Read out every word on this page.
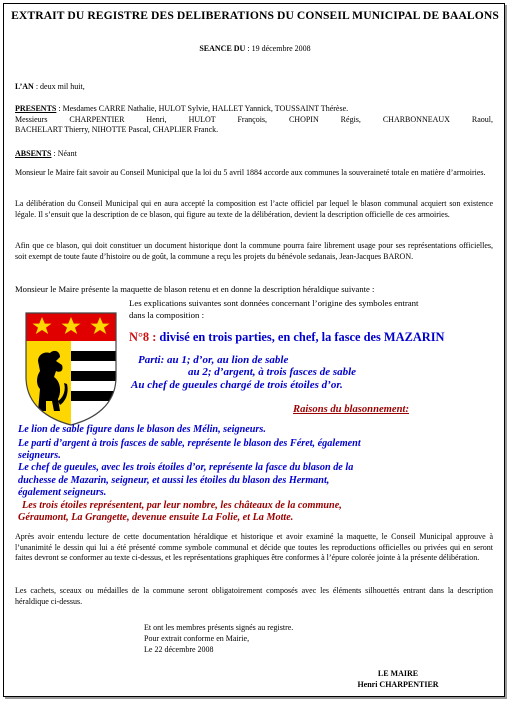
EXTRAIT DU REGISTRE DES DELIBERATIONS DU CONSEIL MUNICIPAL DE BAALONS
SEANCE DU : 19 décembre 2008
L’AN : deux mil huit,
PRESENTS : Mesdames CARRE Nathalie, HULOT Sylvie, HALLET Yannick, TOUSSAINT Thérèse.
Messieurs CHARPENTIER Henri, HULOT François, CHOPIN Régis, CHARBONNEAUX Raoul,
BACHELART Thierry, NIHOTTE Pascal, CHAPLIER Franck.
ABSENTS : Néant
Monsieur le Maire fait savoir au Conseil Municipal que la loi du 5 avril 1884 accorde aux communes la souveraineté totale en matière d’armoiries.
La délibération du Conseil Municipal qui en aura accepté la composition est l’acte officiel par lequel le blason communal acquiert son existence légale. Il s’ensuit que la description de ce blason, qui figure au texte de la délibération, devient la description officielle de ces armoiries.
Afin que ce blason, qui doit constituer un document historique dont la commune pourra faire librement usage pour ses représentations officielles, soit exempt de toute faute d’histoire ou de goût, la commune a reçu les projets du bénévole sedanais, Jean-Jacques BARON.
Monsieur le Maire présente la maquette de blason retenu et en donne la description héraldique suivante :
Les explications suivantes sont données concernant l’origine des symboles entrant
dans la composition :
N°8 : divisé en trois parties, en chef, la fasce des MAZARIN
Parti: au 1; d’or, au lion de sable
au 2; d’argent, à trois fasces de sable
Au chef de gueules chargé de trois étoiles d’or.
Raisons du blasonnement:
Le lion de sable figure dans le blason des Mélin, seigneurs.
Le parti d’argent à trois fasces de sable, représente le blason des Féret, également
seigneurs.
Le chef de gueules, avec les trois étoiles d’or, représente la fasce du blason de la
duchesse de Mazarin, seigneur, et aussi les étoiles du blason des Hermant,
également seigneurs.
Les trois étoiles représentent, par leur nombre, les châteaux de la commune,
Géraumont, La Grangette, devenue ensuite La Folie, et La Motte.
Après avoir entendu lecture de cette documentation héraldique et historique et avoir examiné la maquette, le Conseil Municipal approuve à l’unanimité le dessin qui lui a été présenté comme symbole communal et décide que toutes les reproductions officielles ou privées qui en seront faites devront se conformer au texte ci-dessus, et les représentations graphiques être conformes à l’épure colorée jointe à la présente délibération.
Les cachets, sceaux ou médailles de la commune seront obligatoirement composés avec les éléments silhouettés entrant dans la description héraldique ci-dessus.
Et ont les membres présents signés au registre.
Pour extrait conforme en Mairie,
Le 22 décembre 2008
LE MAIRE
Henri CHARPENTIER
